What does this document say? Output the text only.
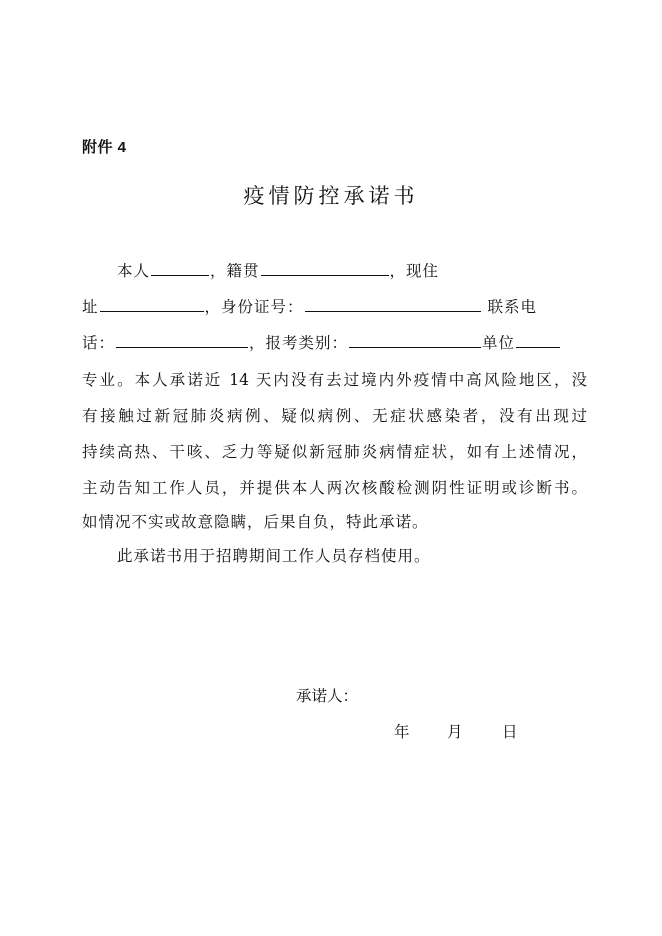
附件 4
疫情防控承诺书
本人	，籍贯	，现住
址	，身份证号：	联系电
话：	，报考类别：	单位
专业。本人承诺近 14 天内没有去过境内外疫情中高风险地区，没
有接触过新冠肺炎病例、疑似病例、无症状感染者，没有出现过
持续高热、干咳、乏力等疑似新冠肺炎病情症状，如有上述情况，
主动告知工作人员，并提供本人两次核酸检测阴性证明或诊断书。
如情况不实或故意隐瞒，后果自负，特此承诺。
此承诺书用于招聘期间工作人员存档使用。
承诺人：
年 月	日
